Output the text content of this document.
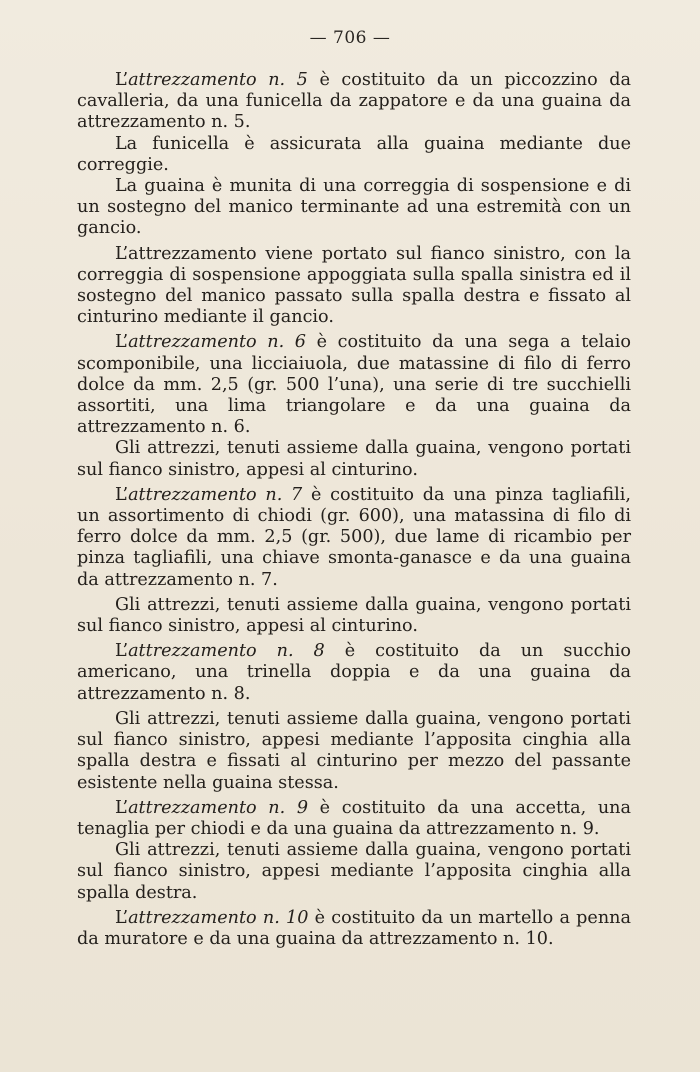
— 706 —

L’attrezzamento n. 5 è costituito da un piccozzino da cavalleria, da una funicella da zappatore e da una guaina da attrezzamento n. 5.

La funicella è assicurata alla guaina mediante due correggie.

La guaina è munita di una correggia di sospensione e di un sostegno del manico terminante ad una estremità con un gancio.

L’attrezzamento viene portato sul fianco sinistro, con la correggia di sospensione appoggiata sulla spalla sinistra ed il sostegno del manico passato sulla spalla destra e fissato al cinturino mediante il gancio.

L’attrezzamento n. 6 è costituito da una sega a telaio scomponibile, una licciaiuola, due matassine di filo di ferro dolce da mm. 2,5 (gr. 500 l’una), una serie di tre succhielli assortiti, una lima triangolare e da una guaina da attrezzamento n. 6.

Gli attrezzi, tenuti assieme dalla guaina, vengono portati sul fianco sinistro, appesi al cinturino.

L’attrezzamento n. 7 è costituito da una pinza tagliafili, un assortimento di chiodi (gr. 600), una matassina di filo di ferro dolce da mm. 2,5 (gr. 500), due lame di ricambio per pinza tagliafili, una chiave smonta-ganasce e da una guaina da attrezzamento n. 7.

Gli attrezzi, tenuti assieme dalla guaina, vengono portati sul fianco sinistro, appesi al cinturino.

L’attrezzamento n. 8 è costituito da un succhio americano, una trinella doppia e da una guaina da attrezzamento n. 8.

Gli attrezzi, tenuti assieme dalla guaina, vengono portati sul fianco sinistro, appesi mediante l’apposita cinghia alla spalla destra e fissati al cinturino per mezzo del passante esistente nella guaina stessa.

L’attrezzamento n. 9 è costituito da una accetta, una tenaglia per chiodi e da una guaina da attrezzamento n. 9.

Gli attrezzi, tenuti assieme dalla guaina, vengono portati sul fianco sinistro, appesi mediante l’apposita cinghia alla spalla destra.

L’attrezzamento n. 10 è costituito da un martello a penna da muratore e da una guaina da attrezzamento n. 10.
